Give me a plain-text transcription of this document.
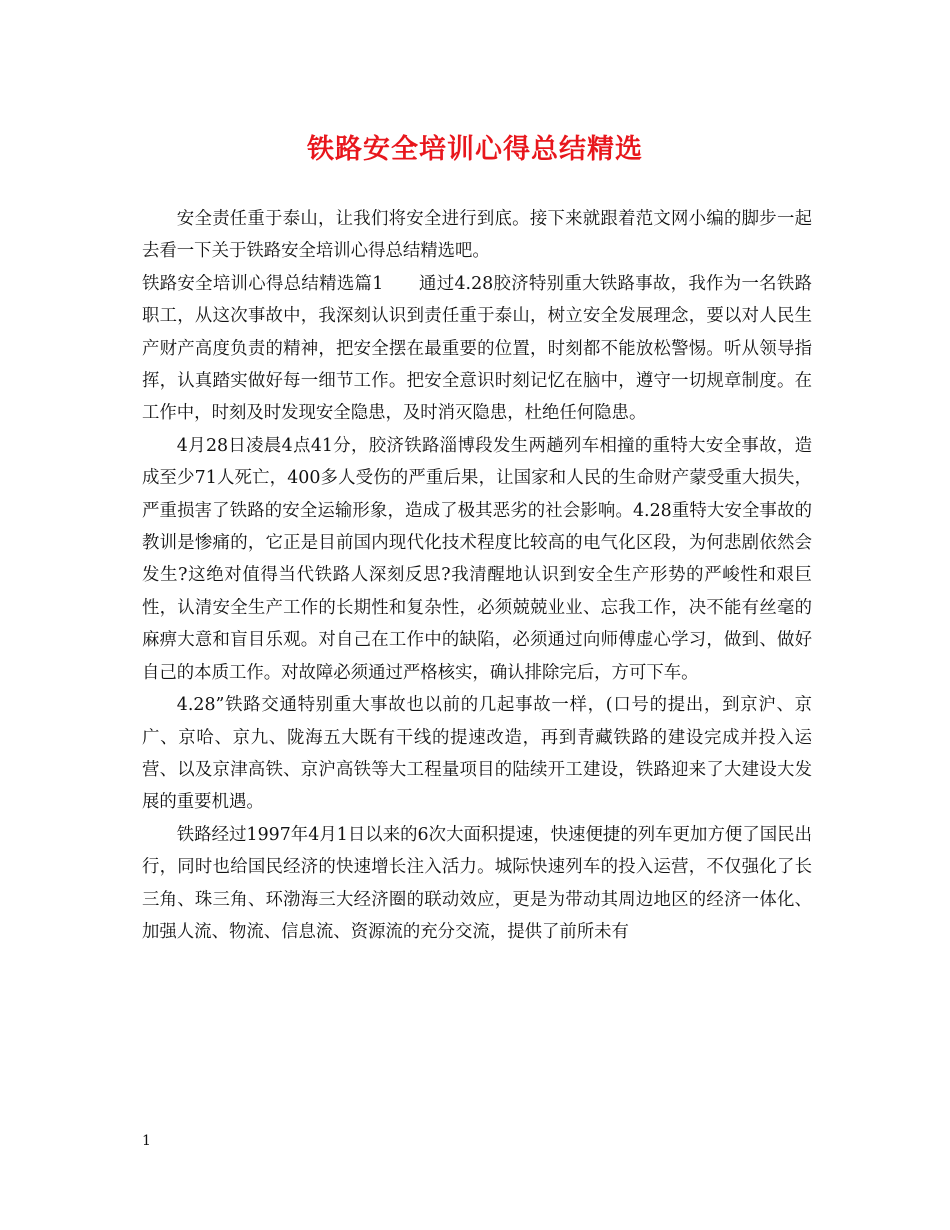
铁路安全培训心得总结精选

安全责任重于泰山，让我们将安全进行到底。接下来就跟着范文网小编的脚步一起去看一下关于铁路安全培训心得总结精选吧。

铁路安全培训心得总结精选篇1　　通过4.28胶济特别重大铁路事故，我作为一名铁路职工，从这次事故中，我深刻认识到责任重于泰山，树立安全发展理念，要以对人民生产财产高度负责的精神，把安全摆在最重要的位置，时刻都不能放松警惕。听从领导指挥，认真踏实做好每一细节工作。把安全意识时刻记忆在脑中，遵守一切规章制度。在工作中，时刻及时发现安全隐患，及时消灭隐患，杜绝任何隐患。

4月28日凌晨4点41分，胶济铁路淄博段发生两趟列车相撞的重特大安全事故，造成至少71人死亡，400多人受伤的严重后果，让国家和人民的生命财产蒙受重大损失，严重损害了铁路的安全运输形象，造成了极其恶劣的社会影响。4.28重特大安全事故的教训是惨痛的，它正是目前国内现代化技术程度比较高的电气化区段，为何悲剧依然会发生?这绝对值得当代铁路人深刻反思?我清醒地认识到安全生产形势的严峻性和艰巨性，认清安全生产工作的长期性和复杂性，必须兢兢业业、忘我工作，决不能有丝毫的麻痹大意和盲目乐观。对自己在工作中的缺陷，必须通过向师傅虚心学习，做到、做好自己的本质工作。对故障必须通过严格核实，确认排除完后，方可下车。

4.28”铁路交通特别重大事故也以前的几起事故一样，(口号的提出，到京沪、京广、京哈、京九、陇海五大既有干线的提速改造，再到青藏铁路的建设完成并投入运营、以及京津高铁、京沪高铁等大工程量项目的陆续开工建设，铁路迎来了大建设大发展的重要机遇。

铁路经过1997年4月1日以来的6次大面积提速，快速便捷的列车更加方便了国民出行，同时也给国民经济的快速增长注入活力。城际快速列车的投入运营，不仅强化了长三角、珠三角、环渤海三大经济圈的联动效应，更是为带动其周边地区的经济一体化、加强人流、物流、信息流、资源流的充分交流，提供了前所未有

1
